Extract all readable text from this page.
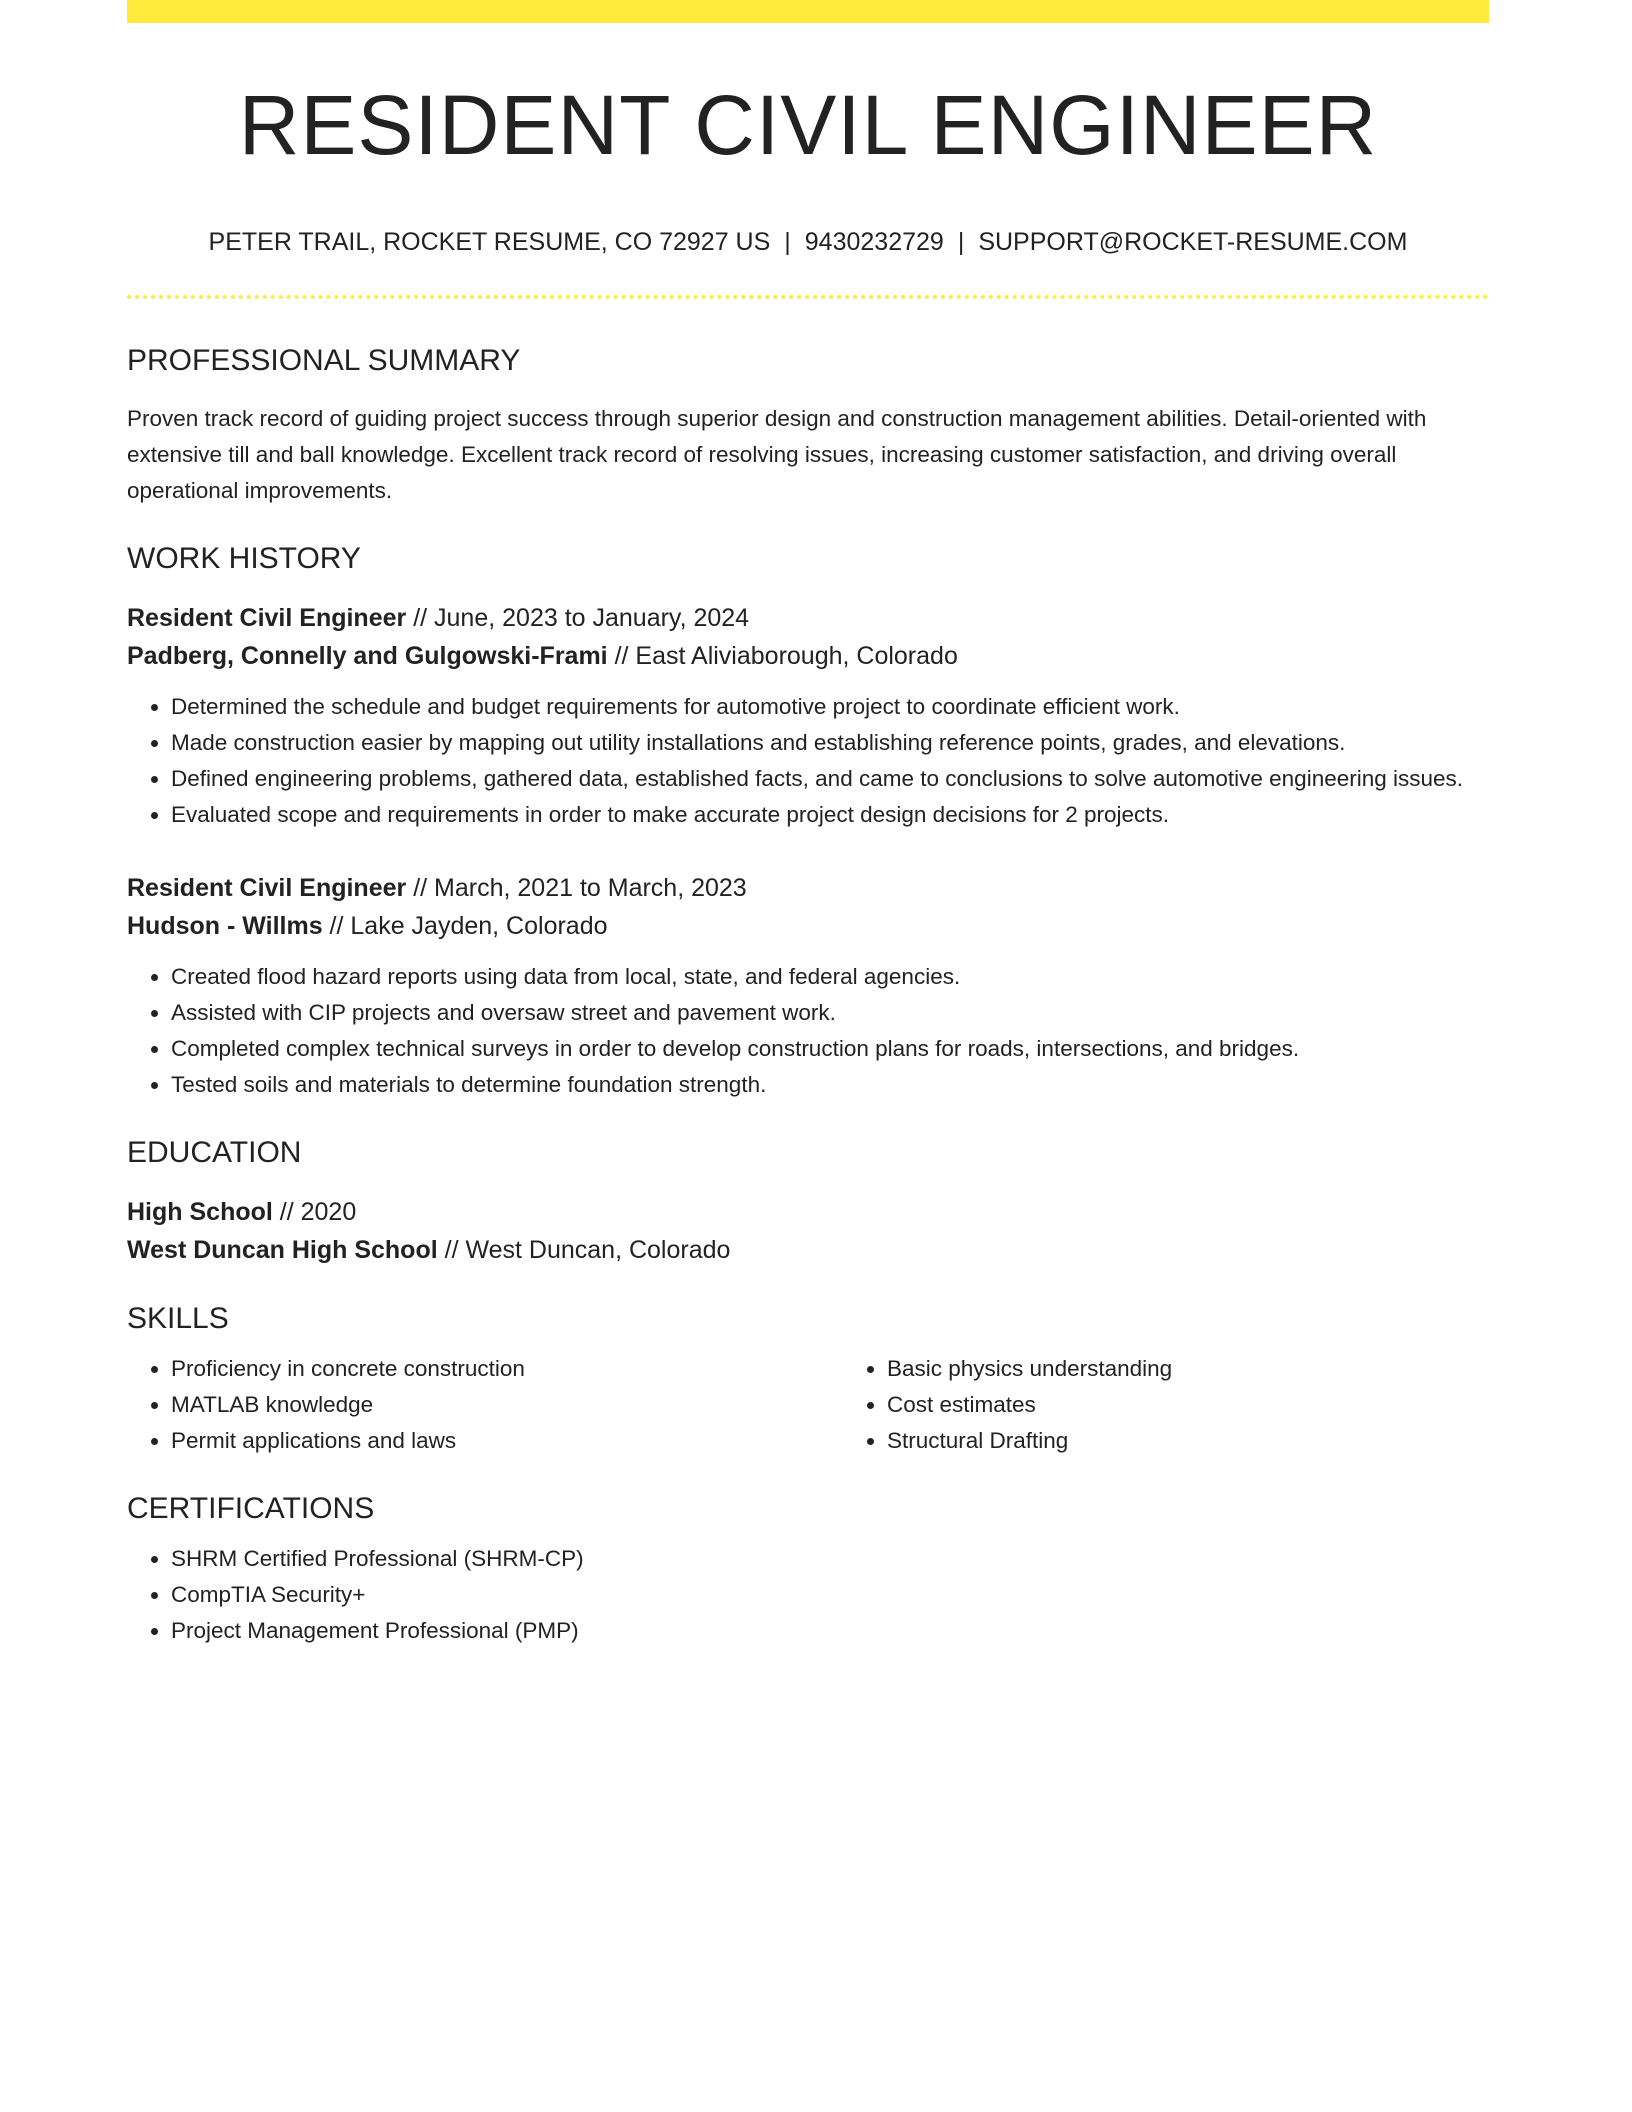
RESIDENT CIVIL ENGINEER
PETER TRAIL, ROCKET RESUME, CO 72927 US | 9430232729 | SUPPORT@ROCKET-RESUME.COM
PROFESSIONAL SUMMARY
Proven track record of guiding project success through superior design and construction management abilities. Detail-oriented with extensive till and ball knowledge. Excellent track record of resolving issues, increasing customer satisfaction, and driving overall operational improvements.
WORK HISTORY
Resident Civil Engineer // June, 2023 to January, 2024
Padberg, Connelly and Gulgowski-Frami // East Aliviaborough, Colorado
• Determined the schedule and budget requirements for automotive project to coordinate efficient work.
• Made construction easier by mapping out utility installations and establishing reference points, grades, and elevations.
• Defined engineering problems, gathered data, established facts, and came to conclusions to solve automotive engineering issues.
• Evaluated scope and requirements in order to make accurate project design decisions for 2 projects.
Resident Civil Engineer // March, 2021 to March, 2023
Hudson - Willms // Lake Jayden, Colorado
• Created flood hazard reports using data from local, state, and federal agencies.
• Assisted with CIP projects and oversaw street and pavement work.
• Completed complex technical surveys in order to develop construction plans for roads, intersections, and bridges.
• Tested soils and materials to determine foundation strength.
EDUCATION
High School // 2020
West Duncan High School // West Duncan, Colorado
SKILLS
• Proficiency in concrete construction
• MATLAB knowledge
• Permit applications and laws
• Basic physics understanding
• Cost estimates
• Structural Drafting
CERTIFICATIONS
• SHRM Certified Professional (SHRM-CP)
• CompTIA Security+
• Project Management Professional (PMP)
